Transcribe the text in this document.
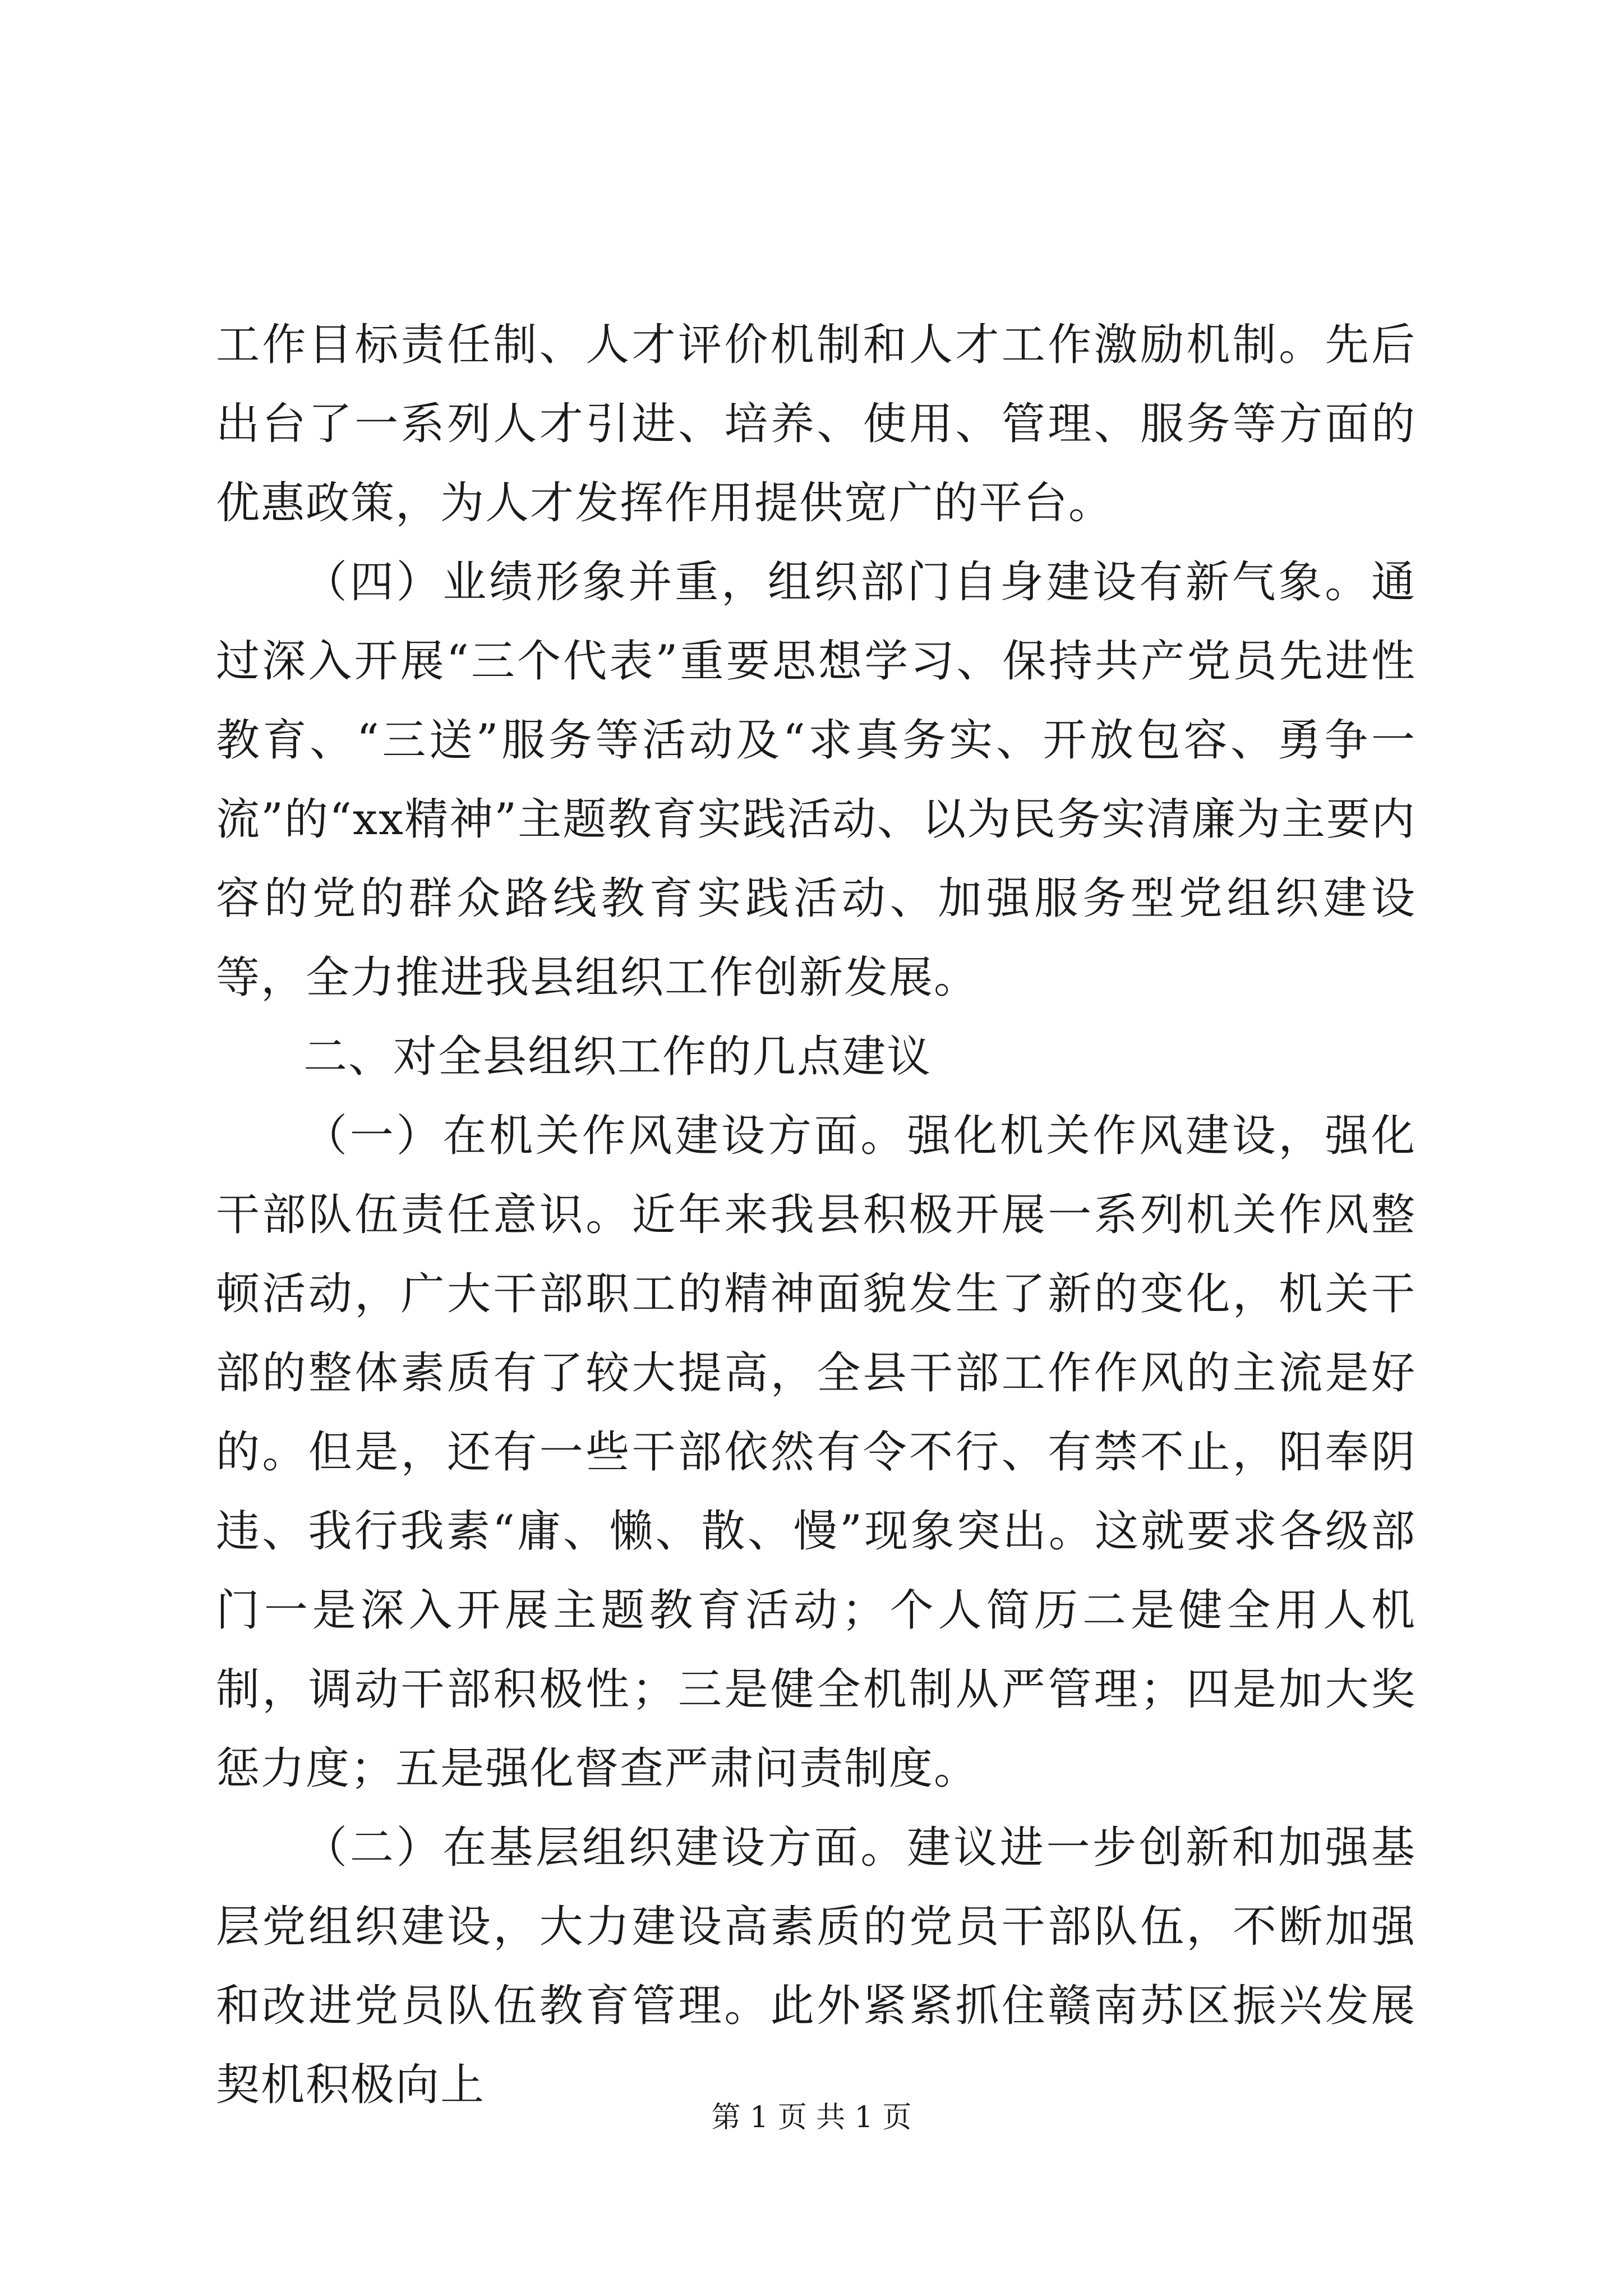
工作目标责任制、人才评价机制和人才工作激励机制。先后出台了一系列人才引进、培养、使用、管理、服务等方面的优惠政策，为人才发挥作用提供宽广的平台。

（四）业绩形象并重，组织部门自身建设有新气象。通过深入开展“三个代表”重要思想学习、保持共产党员先进性教育、“三送”服务等活动及“求真务实、开放包容、勇争一流”的“xx精神”主题教育实践活动、以为民务实清廉为主要内容的党的群众路线教育实践活动、加强服务型党组织建设等，全力推进我县组织工作创新发展。

二、对全县组织工作的几点建议

（一）在机关作风建设方面。强化机关作风建设，强化干部队伍责任意识。近年来我县积极开展一系列机关作风整顿活动，广大干部职工的精神面貌发生了新的变化，机关干部的整体素质有了较大提高，全县干部工作作风的主流是好的。但是，还有一些干部依然有令不行、有禁不止，阳奉阴违、我行我素“庸、懒、散、慢”现象突出。这就要求各级部门一是深入开展主题教育活动；个人简历二是健全用人机制，调动干部积极性；三是健全机制从严管理；四是加大奖惩力度；五是强化督查严肃问责制度。

（二）在基层组织建设方面。建议进一步创新和加强基层党组织建设，大力建设高素质的党员干部队伍，不断加强和改进党员队伍教育管理。此外紧紧抓住赣南苏区振兴发展契机积极向上

第 1 页 共 1 页
